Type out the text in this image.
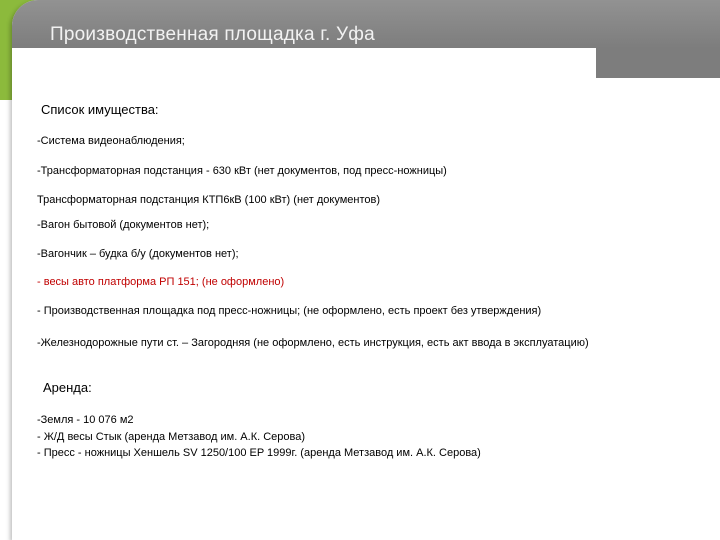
Производственная площадка г. Уфа
Список имущества:
-Система видеонаблюдения;
-Трансформаторная подстанция - 630 кВт (нет документов, под пресс-ножницы)
Трансформаторная подстанция КТП6кВ (100 кВт) (нет документов)
-Вагон бытовой (документов нет);
-Вагончик – будка б/у (документов нет);
- весы авто платформа РП 151; (не оформлено)
- Производственная площадка под пресс-ножницы; (не оформлено, есть проект без утверждения)
-Железнодорожные пути ст. – Загородняя (не оформлено, есть инструкция, есть акт ввода в эксплуатацию)
Аренда:
-Земля - 10 076 м2
- Ж/Д весы Стык (аренда Метзавод им. А.К. Серова)
- Пресс - ножницы Хеншель SV 1250/100 EP 1999г. (аренда Метзавод им. А.К. Серова)
